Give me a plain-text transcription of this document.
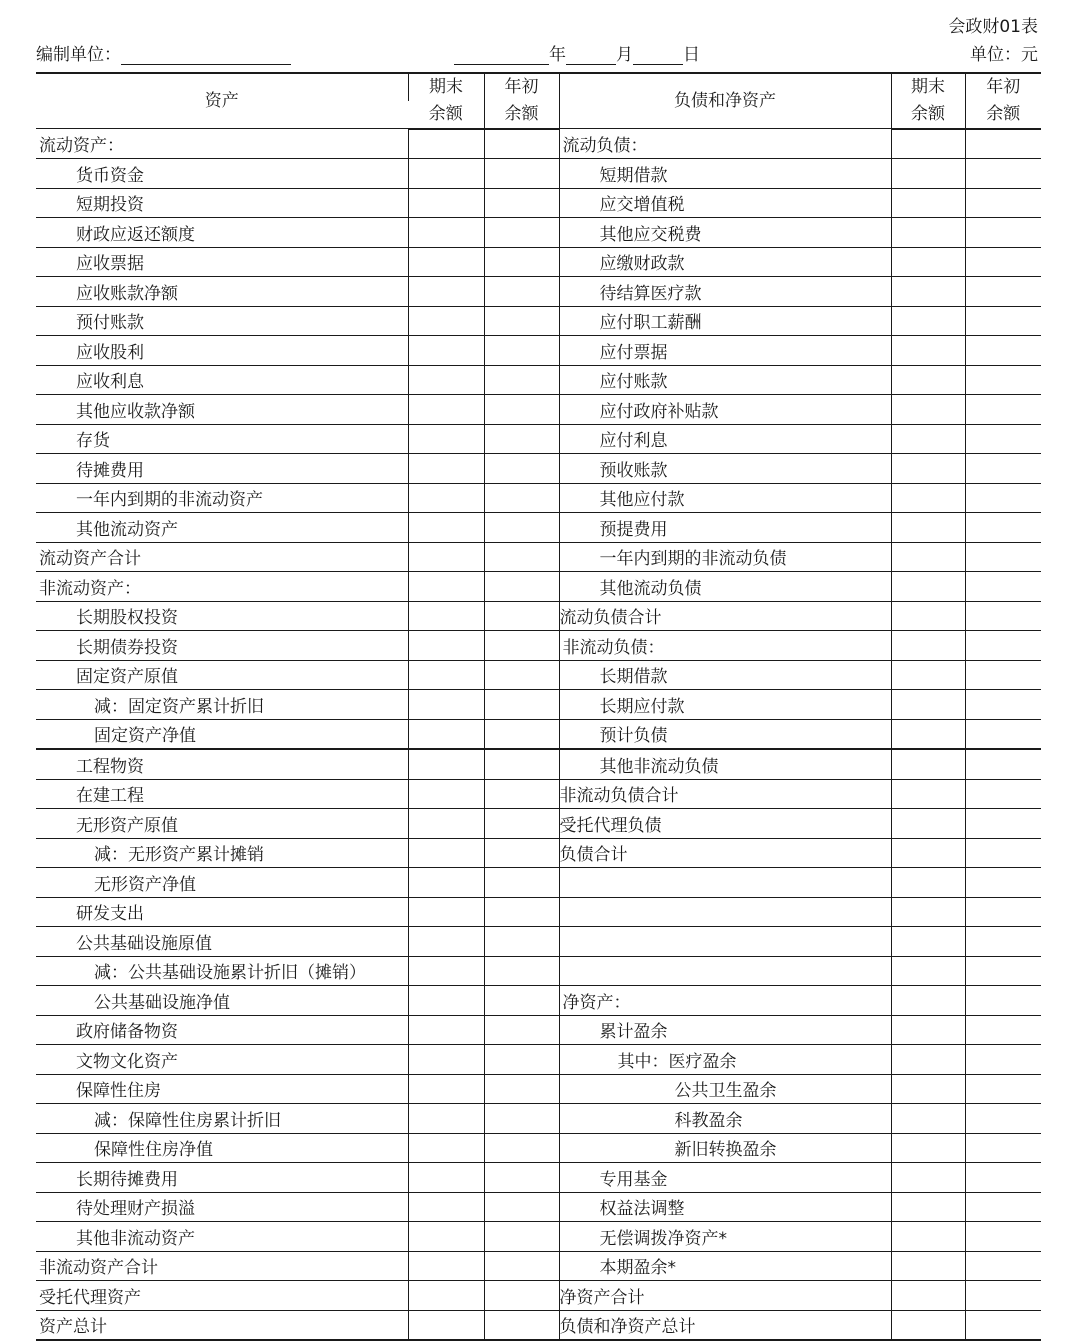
会政财01表
编制单位：	年	月	日	单位：元
资产	期末	年初	负债和净资产	期末	年初
	余额	余额		余额	余额
流动资产：			流动负债：		
货币资金			短期借款		
短期投资			应交增值税		
财政应返还额度			其他应交税费		
应收票据			应缴财政款		
应收账款净额			待结算医疗款		
预付账款			应付职工薪酬		
应收股利			应付票据		
应收利息			应付账款		
其他应收款净额			应付政府补贴款		
存货			应付利息		
待摊费用			预收账款		
一年内到期的非流动资产			其他应付款		
其他流动资产			预提费用		
流动资产合计			一年内到期的非流动负债		
非流动资产：			其他流动负债		
长期股权投资			流动负债合计		
长期债券投资			非流动负债：		
固定资产原值			长期借款		
减：固定资产累计折旧			长期应付款		
固定资产净值			预计负债		
工程物资			其他非流动负债		
在建工程			非流动负债合计		
无形资产原值			受托代理负债		
减：无形资产累计摊销			负债合计		
无形资产净值					
研发支出					
公共基础设施原值					
减：公共基础设施累计折旧（摊销）					
公共基础设施净值			净资产：		
政府储备物资			累计盈余		
文物文化资产			其中：医疗盈余		
保障性住房			公共卫生盈余		
减：保障性住房累计折旧			科教盈余		
保障性住房净值			新旧转换盈余		
长期待摊费用			专用基金		
待处理财产损溢			权益法调整		
其他非流动资产			无偿调拨净资产*		
非流动资产合计			本期盈余*		
受托代理资产			净资产合计		
资产总计			负债和净资产总计		
